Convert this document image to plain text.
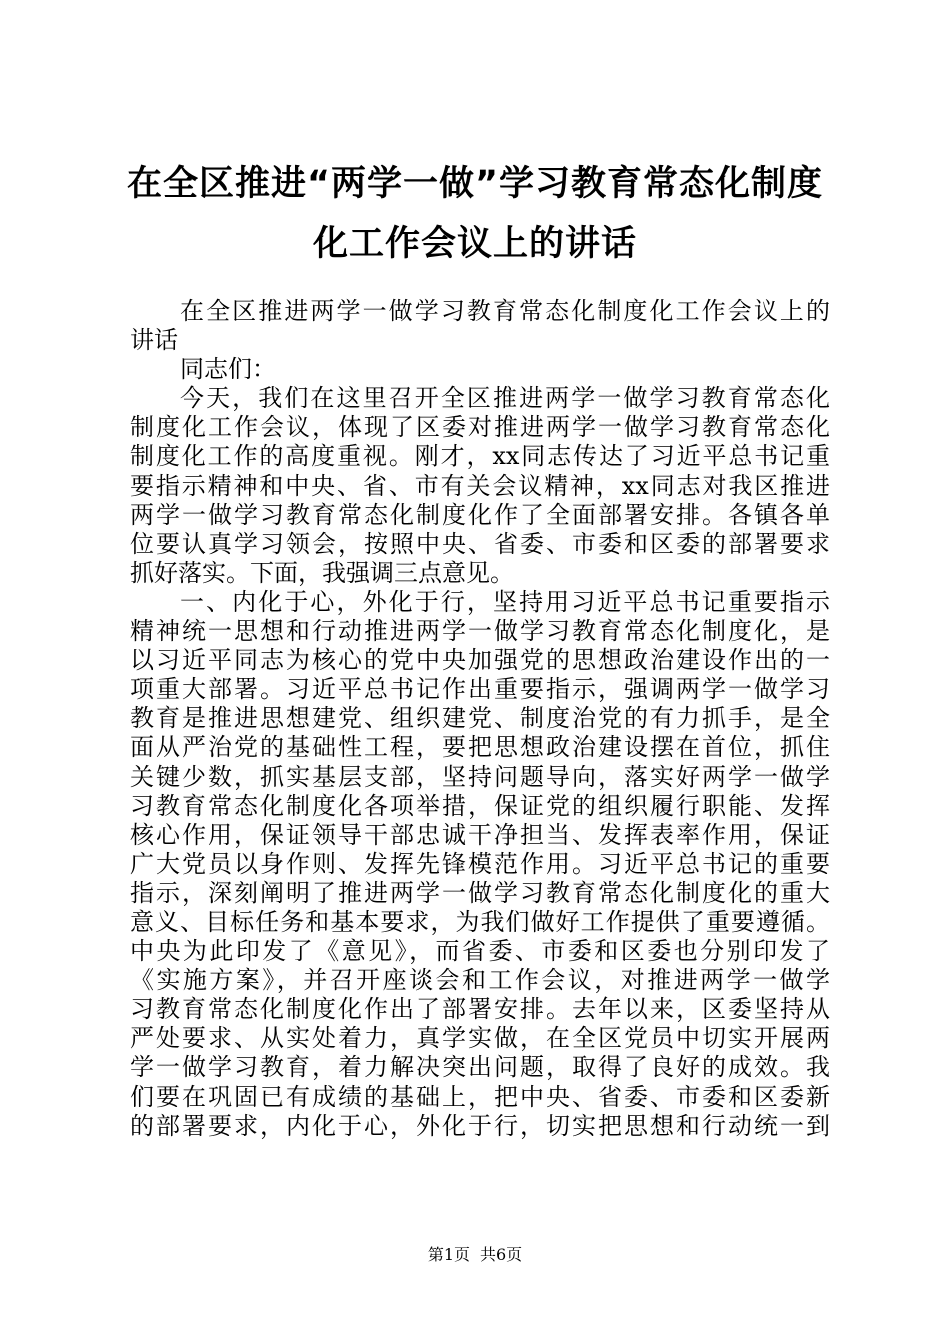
在全区推进“两学一做”学习教育常态化制度
化工作会议上的讲话
在全区推进两学一做学习教育常态化制度化工作会议上的
讲话
同志们：
今天，我们在这里召开全区推进两学一做学习教育常态化
制度化工作会议，体现了区委对推进两学一做学习教育常态化
制度化工作的高度重视。刚才，xx同志传达了习近平总书记重
要指示精神和中央、省、市有关会议精神，xx同志对我区推进
两学一做学习教育常态化制度化作了全面部署安排。各镇各单
位要认真学习领会，按照中央、省委、市委和区委的部署要求
抓好落实。下面，我强调三点意见。
一、内化于心，外化于行，坚持用习近平总书记重要指示
精神统一思想和行动推进两学一做学习教育常态化制度化，是
以习近平同志为核心的党中央加强党的思想政治建设作出的一
项重大部署。习近平总书记作出重要指示，强调两学一做学习
教育是推进思想建党、组织建党、制度治党的有力抓手，是全
面从严治党的基础性工程，要把思想政治建设摆在首位，抓住
关键少数，抓实基层支部，坚持问题导向，落实好两学一做学
习教育常态化制度化各项举措，保证党的组织履行职能、发挥
核心作用，保证领导干部忠诚干净担当、发挥表率作用，保证
广大党员以身作则、发挥先锋模范作用。习近平总书记的重要
指示，深刻阐明了推进两学一做学习教育常态化制度化的重大
意义、目标任务和基本要求，为我们做好工作提供了重要遵循。
中央为此印发了《意见》，而省委、市委和区委也分别印发了
《实施方案》，并召开座谈会和工作会议，对推进两学一做学
习教育常态化制度化作出了部署安排。去年以来，区委坚持从
严处要求、从实处着力，真学实做，在全区党员中切实开展两
学一做学习教育，着力解决突出问题，取得了良好的成效。我
们要在巩固已有成绩的基础上，把中央、省委、市委和区委新
的部署要求，内化于心，外化于行，切实把思想和行动统一到
第1页 共6页
